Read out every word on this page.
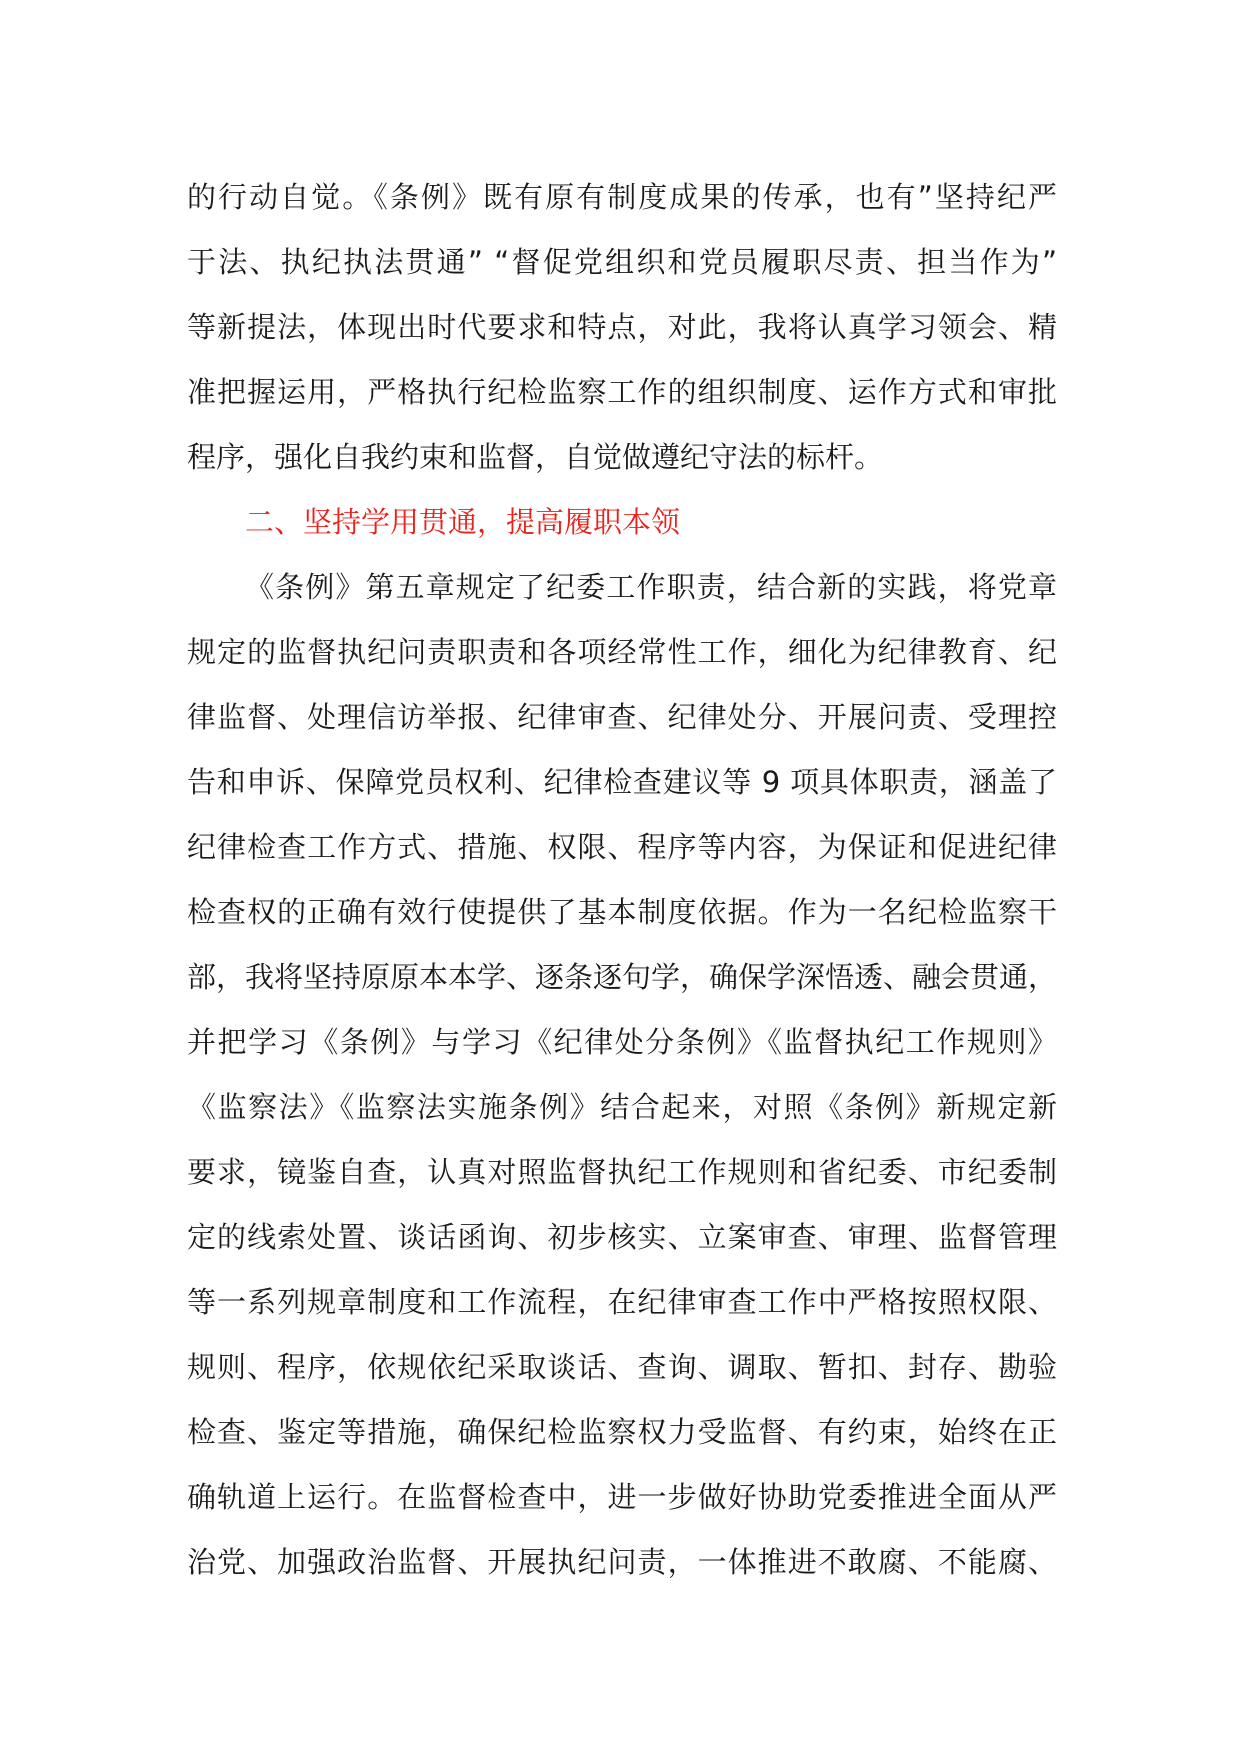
的行动自觉。《条例》既有原有制度成果的传承，也有”坚持纪严
于法、执纪执法贯通” “督促党组织和党员履职尽责、担当作为”
等新提法，体现出时代要求和特点，对此，我将认真学习领会、精
准把握运用，严格执行纪检监察工作的组织制度、运作方式和审批
程序，强化自我约束和监督，自觉做遵纪守法的标杆。
二、坚持学用贯通，提高履职本领
《条例》第五章规定了纪委工作职责，结合新的实践，将党章
规定的监督执纪问责职责和各项经常性工作，细化为纪律教育、纪
律监督、处理信访举报、纪律审查、纪律处分、开展问责、受理控
告和申诉、保障党员权利、纪律检查建议等 9 项具体职责，涵盖了
纪律检查工作方式、措施、权限、程序等内容，为保证和促进纪律
检查权的正确有效行使提供了基本制度依据。作为一名纪检监察干
部，我将坚持原原本本学、逐条逐句学，确保学深悟透、融会贯通，
并把学习《条例》与学习《纪律处分条例》《监督执纪工作规则》
《监察法》《监察法实施条例》结合起来，对照《条例》新规定新
要求，镜鉴自查，认真对照监督执纪工作规则和省纪委、市纪委制
定的线索处置、谈话函询、初步核实、立案审查、审理、监督管理
等一系列规章制度和工作流程，在纪律审查工作中严格按照权限、
规则、程序，依规依纪采取谈话、查询、调取、暂扣、封存、勘验
检查、鉴定等措施，确保纪检监察权力受监督、有约束，始终在正
确轨道上运行。在监督检查中，进一步做好协助党委推进全面从严
治党、加强政治监督、开展执纪问责，一体推进不敢腐、不能腐、
